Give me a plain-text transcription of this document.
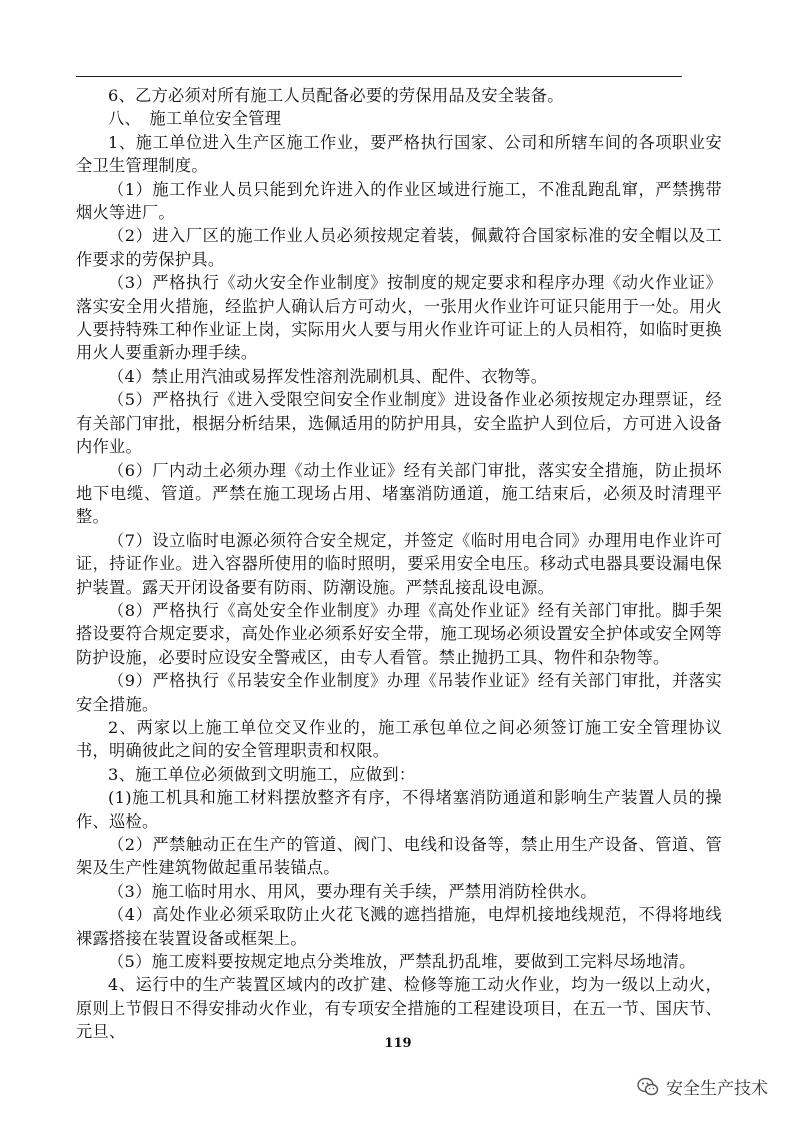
6、乙方必须对所有施工人员配备必要的劳保用品及安全装备。

八、　施工单位安全管理

1、施工单位进入生产区施工作业，要严格执行国家、公司和所辖车间的各项职业安全卫生管理制度。

（1）施工作业人员只能到允许进入的作业区域进行施工，不准乱跑乱窜，严禁携带烟火等进厂。

（2）进入厂区的施工作业人员必须按规定着装，佩戴符合国家标准的安全帽以及工作要求的劳保护具。

（3）严格执行《动火安全作业制度》按制度的规定要求和程序办理《动火作业证》落实安全用火措施，经监护人确认后方可动火，一张用火作业许可证只能用于一处。用火人要持特殊工种作业证上岗，实际用火人要与用火作业许可证上的人员相符，如临时更换用火人要重新办理手续。

（4）禁止用汽油或易挥发性溶剂洗刷机具、配件、衣物等。

（5）严格执行《进入受限空间安全作业制度》进设备作业必须按规定办理票证，经有关部门审批，根据分析结果，选佩适用的防护用具，安全监护人到位后，方可进入设备内作业。

（6）厂内动土必须办理《动土作业证》经有关部门审批，落实安全措施，防止损坏地下电缆、管道。严禁在施工现场占用、堵塞消防通道，施工结束后，必须及时清理平整。

（7）设立临时电源必须符合安全规定，并签定《临时用电合同》办理用电作业许可证，持证作业。进入容器所使用的临时照明，要采用安全电压。移动式电器具要设漏电保护装置。露天开闭设备要有防雨、防潮设施。严禁乱接乱设电源。

（8）严格执行《高处安全作业制度》办理《高处作业证》经有关部门审批。脚手架搭设要符合规定要求，高处作业必须系好安全带，施工现场必须设置安全护体或安全网等防护设施，必要时应设安全警戒区，由专人看管。禁止抛扔工具、物件和杂物等。

（9）严格执行《吊装安全作业制度》办理《吊装作业证》经有关部门审批，并落实安全措施。

2、两家以上施工单位交叉作业的，施工承包单位之间必须签订施工安全管理协议书，明确彼此之间的安全管理职责和权限。

3、施工单位必须做到文明施工，应做到：

(1)施工机具和施工材料摆放整齐有序，不得堵塞消防通道和影响生产装置人员的操作、巡检。

（2）严禁触动正在生产的管道、阀门、电线和设备等，禁止用生产设备、管道、管架及生产性建筑物做起重吊装锚点。

（3）施工临时用水、用风，要办理有关手续，严禁用消防栓供水。

（4）高处作业必须采取防止火花飞溅的遮挡措施，电焊机接地线规范，不得将地线裸露搭接在装置设备或框架上。

（5）施工废料要按规定地点分类堆放，严禁乱扔乱堆，要做到工完料尽场地清。

4、运行中的生产装置区域内的改扩建、检修等施工动火作业，均为一级以上动火，原则上节假日不得安排动火作业，有专项安全措施的工程建设项目，在五一节、国庆节、元旦、

119
安全生产技术
